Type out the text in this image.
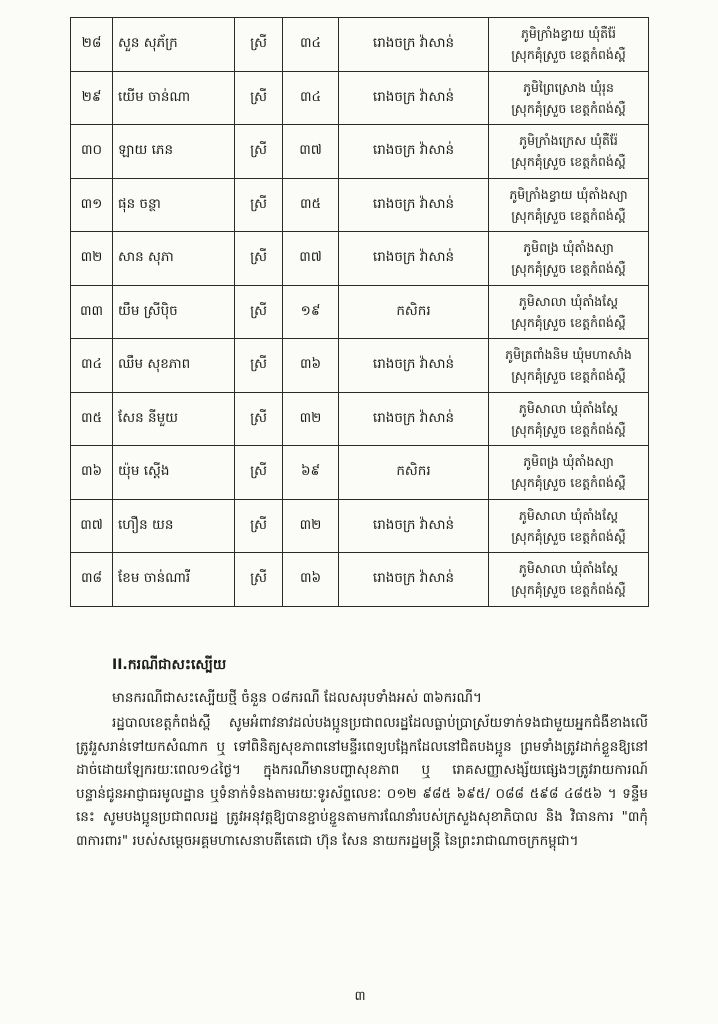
២៨	សួន សុភ័ក្រ	ស្រី	៣៤	រោងចក្រ វ៉ាសាន់	ភូមិក្រាំងខ្វាយ ឃុំតឺរ៉ែ
ស្រុកគុំស្រួច ខេត្តកំពង់ស្ពឺ

២៩	យើម ចាន់ណា	ស្រី	៣៤	រោងចក្រ វ៉ាសាន់	ភូមិព្រៃស្រោង ឃុំរុន
ស្រុកគុំស្រួច ខេត្តកំពង់ស្ពឺ

៣០	ឡាយ ភេន	ស្រី	៣៧	រោងចក្រ វ៉ាសាន់	ភូមិក្រាំងក្រេស ឃុំតឺរ៉ែ
ស្រុកគុំស្រួច ខេត្តកំពង់ស្ពឺ

៣១	ផុន ចន្ថា	ស្រី	៣៥	រោងចក្រ វ៉ាសាន់	ភូមិក្រាំងខ្វាយ ឃុំតាំងស្យា
ស្រុកគុំស្រួច ខេត្តកំពង់ស្ពឺ

៣២	សាន សុភា	ស្រី	៣៧	រោងចក្រ វ៉ាសាន់	ភូមិពង្រ ឃុំតាំងស្យា
ស្រុកគុំស្រួច ខេត្តកំពង់ស្ពឺ

៣៣	យឹម ស្រីប៉ិច	ស្រី	១៩	កសិករ	ភូមិសាលា ឃុំតាំងស្តែ
ស្រុកគុំស្រួច ខេត្តកំពង់ស្ពឺ

៣៤	ឈឹម សុខភាព	ស្រី	៣៦	រោងចក្រ វ៉ាសាន់	ភូមិត្រពាំងនិម ឃុំមហាសាំង
ស្រុកគុំស្រួច ខេត្តកំពង់ស្ពឺ

៣៥	សែន នីមួយ	ស្រី	៣២	រោងចក្រ វ៉ាសាន់	ភូមិសាលា ឃុំតាំងស្តែ
ស្រុកគុំស្រួច ខេត្តកំពង់ស្ពឺ

៣៦	យ៉ុម ស្ដើង	ស្រី	៦៩	កសិករ	ភូមិពង្រ ឃុំតាំងស្យា
ស្រុកគុំស្រួច ខេត្តកំពង់ស្ពឺ

៣៧	ហឿន យន	ស្រី	៣២	រោងចក្រ វ៉ាសាន់	ភូមិសាលា ឃុំតាំងស្តែ
ស្រុកគុំស្រួច ខេត្តកំពង់ស្ពឺ

៣៨	ខែម ចាន់ណារី	ស្រី	៣៦	រោងចក្រ វ៉ាសាន់	ភូមិសាលា ឃុំតាំងស្តែ
ស្រុកគុំស្រួច ខេត្តកំពង់ស្ពឺ
II.ករណីជាសះស្បើយ
មានករណីជាសះស្បើយថ្មី ចំនួន ០៨ករណី ដែលសរុបទាំងអស់ ៣៦ករណី។
រដ្ឋបាលខេត្តកំពង់ស្ពឺ សូមអំពាវនាវដល់បងប្អូនប្រជាពលរដ្ឋដែលធ្លាប់ប្រាស្រ័យទាក់ទងជាមួយអ្នកជំងឺខាងលើ ត្រូវរួសរាន់ទៅយកសំណាក ឬ ទៅពិនិត្យសុខភាពនៅមន្ទីរពេទ្យបង្អែកដែលនៅជិតបងប្អូន ព្រមទាំងត្រូវដាក់ខ្លួនឱ្យនៅដាច់ដោយឡែករយៈពេល១៤ថ្ងៃ។ ក្នុងករណីមានបញ្ហាសុខភាព ឬ រោគសញ្ញាសង្ស័យផ្សេងៗត្រូវរាយការណ៍បន្ទាន់ជូនអាជ្ញាធរមូលដ្ឋាន ឬទំនាក់ទំនងតាមរយៈទូរស័ព្ទលេខៈ ០១២ ៩៨៥ ៦៩៥/ ០៨៨ ៥៩៨ ៤៨៥៦ ។ ទន្ទឹមនេះ សូមបងប្អូនប្រជាពលរដ្ឋ ត្រូវអនុវត្តឱ្យបានខ្ជាប់ខ្ជួនតាមការណែនាំរបស់ក្រសួងសុខាភិបាល និង វិធានការ "៣កុំ ៣ការពារ" របស់សម្ដេចអគ្គមហាសេនាបតីតេជោ ហ៊ុន សែន នាយករដ្ឋមន្ត្រី នៃព្រះរាជាណាចក្រកម្ពុជា។
៣
